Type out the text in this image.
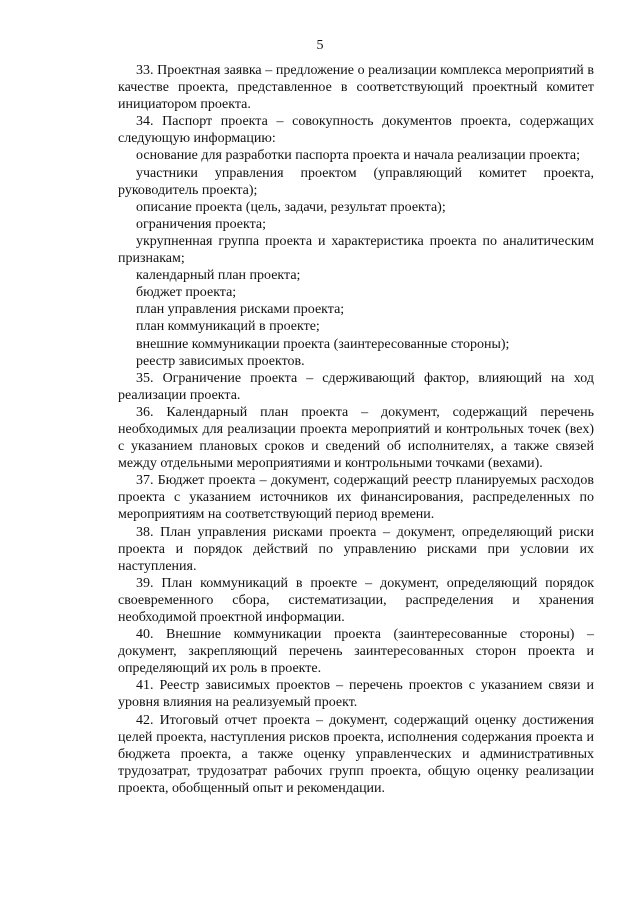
5

33. Проектная заявка – предложение о реализации комплекса мероприятий в качестве проекта, представленное в соответствующий проектный комитет инициатором проекта.

34. Паспорт проекта – совокупность документов проекта, содержащих следующую информацию:

основание для разработки паспорта проекта и начала реализации проекта;

участники управления проектом (управляющий комитет проекта, руководитель проекта);

описание проекта (цель, задачи, результат проекта);

ограничения проекта;

укрупненная группа проекта и характеристика проекта по аналитическим признакам;

календарный план проекта;

бюджет проекта;

план управления рисками проекта;

план коммуникаций в проекте;

внешние коммуникации проекта (заинтересованные стороны);

реестр зависимых проектов.

35. Ограничение проекта – сдерживающий фактор, влияющий на ход реализации проекта.

36. Календарный план проекта – документ, содержащий перечень необходимых для реализации проекта мероприятий и контрольных точек (вех) с указанием плановых сроков и сведений об исполнителях, а также связей между отдельными мероприятиями и контрольными точками (вехами).

37. Бюджет проекта – документ, содержащий реестр планируемых расходов проекта с указанием источников их финансирования, распределенных по мероприятиям на соответствующий период времени.

38. План управления рисками проекта – документ, определяющий риски проекта и порядок действий по управлению рисками при условии их наступления.

39. План коммуникаций в проекте – документ, определяющий порядок своевременного сбора, систематизации, распределения и хранения необходимой проектной информации.

40. Внешние коммуникации проекта (заинтересованные стороны) – документ, закрепляющий перечень заинтересованных сторон проекта и определяющий их роль в проекте.

41. Реестр зависимых проектов – перечень проектов с указанием связи и уровня влияния на реализуемый проект.

42. Итоговый отчет проекта – документ, содержащий оценку достижения целей проекта, наступления рисков проекта, исполнения содержания проекта и бюджета проекта, а также оценку управленческих и административных трудозатрат, трудозатрат рабочих групп проекта, общую оценку реализации проекта, обобщенный опыт и рекомендации.
